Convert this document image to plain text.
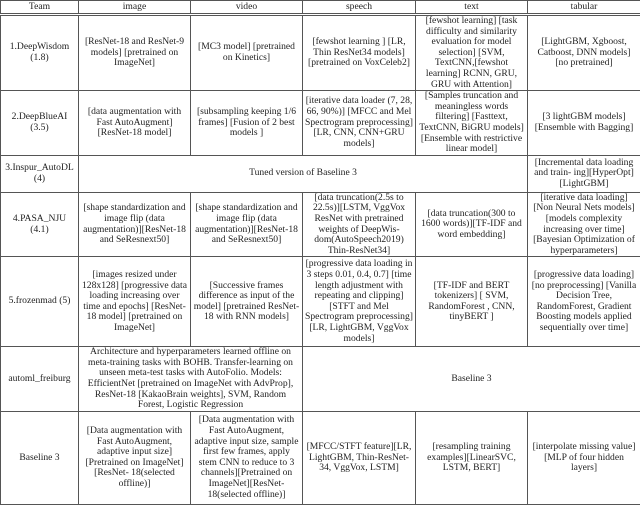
Team	image	video	speech	text	tabular
1.DeepWisdom (1.8)	[ResNet-18 and ResNet-9 models] [pretrained on ImageNet]	[MC3 model] [pretrained on Kinetics]	[fewshot learning ] [LR, Thin ResNet34 models] [pretrained on VoxCeleb2]	[fewshot learning] [task difficulty and similarity evaluation for model selection] [SVM, TextCNN,[fewshot learning] RCNN, GRU, GRU with Attention]	[LightGBM, Xgboost, Catboost, DNN models] [no pretrained]
2.DeepBlueAI (3.5)	[data augmentation with Fast AutoAugment] [ResNet-18 model]	[subsampling keeping 1/6 frames] [Fusion of 2 best models ]	[iterative data loader (7, 28, 66, 90%)] [MFCC and Mel Spectrogram preprocessing] [LR, CNN, CNN+GRU models]	[Samples truncation and meaningless words filtering] [Fasttext, TextCNN, BiGRU models] [Ensemble with restrictive linear model]	[3 lightGBM models] [Ensemble with Bagging]
3.Inspur_AutoDL (4)	Tuned version of Baseline 3				[Incremental data loading and train- ing][HyperOpt][LightGBM]
4.PASA_NJU (4.1)	[shape standardization and image flip (data augmentation)][ResNet-18 and SeResnext50]	[shape standardization and image flip (data augmentation)][ResNet-18 and SeResnext50]	[data truncation(2.5s to 22.5s)][LSTM, VggVox ResNet with pretrained weights of DeepWis- dom(AutoSpeech2019) Thin-ResNet34]	[data truncation(300 to 1600 words)][TF-IDF and word embedding]	[iterative data loading] [Non Neural Nets models] [models complexity increasing over time] [Bayesian Optimization of hyperparameters]
5.frozenmad (5)	[images resized under 128x128] [progressive data loading increasing over time and epochs] [ResNet-18 model] [pretrained on ImageNet]	[Successive frames difference as input of the model] [pretrained ResNet-18 with RNN models]	[progressive data loading in 3 steps 0.01, 0.4, 0.7] [time length adjustment with repeating and clipping] [STFT and Mel Spectrogram preprocessing] [LR, LightGBM, VggVox models]	[TF-IDF and BERT tokenizers] [ SVM, RandomForest , CNN, tinyBERT ]	[progressive data loading] [no preprocessing] [Vanilla Decision Tree, RandomForest, Gradient Boosting models applied sequentially over time]
automl_freiburg	Architecture and hyperparameters learned offline on meta-training tasks with BOHB. Transfer-learning on unseen meta-test tasks with AutoFolio. Models: EfficientNet [pretrained on ImageNet with AdvProp], ResNet-18 [KakaoBrain weights], SVM, Random Forest, Logistic Regression		Baseline 3		
Baseline 3	[Data augmentation with Fast AutoAugment, adaptive input size][Pretrained on ImageNet][ResNet- 18(selected offline)]	[Data augmentation with Fast AutoAugment, adaptive input size, sample first few frames, apply stem CNN to reduce to 3 channels][Pretrained on ImageNet][ResNet- 18(selected offline)]	[MFCC/STFT feature][LR, LightGBM, Thin-ResNet-34, VggVox, LSTM]	[resampling training examples][LinearSVC, LSTM, BERT]	[interpolate missing value][MLP of four hidden layers]
